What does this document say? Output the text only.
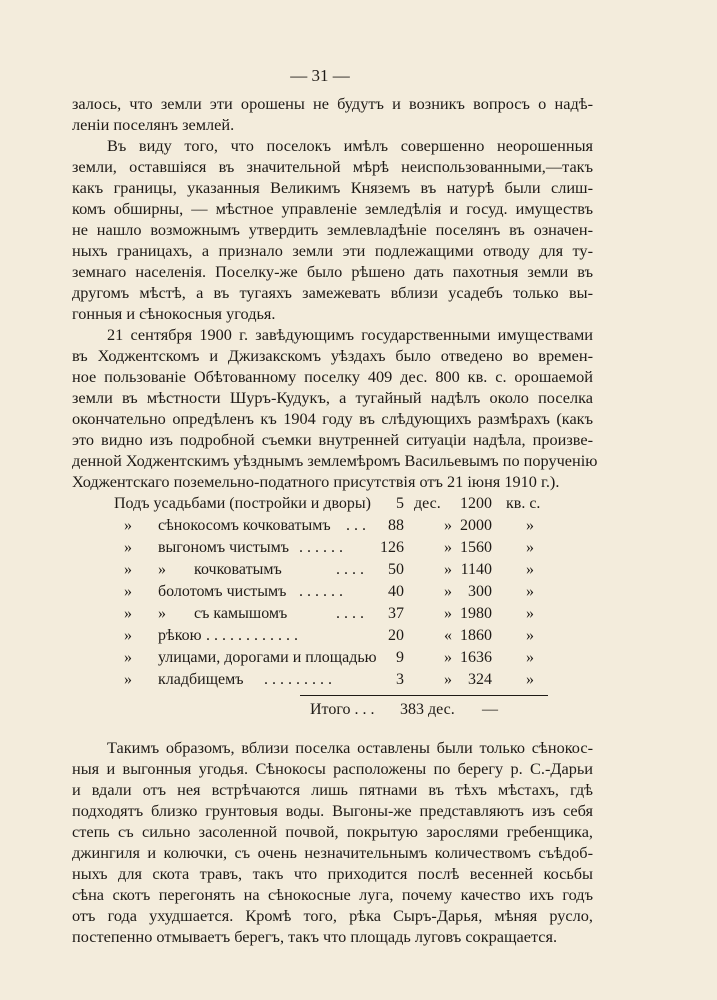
— 31 —
залось, что земли эти орошены не будутъ и возникъ вопросъ о надѣ-
леніи поселянъ землей.
Въ виду того, что поселокъ имѣлъ совершенно неорошенныя
земли, оставшіяся въ значительной мѣрѣ неиспользованными,—такъ
какъ границы, указанныя Великимъ Княземъ въ натурѣ были слиш-
комъ обширны, — мѣстное управленіе земледѣлія и госуд. имуществъ
не нашло возможнымъ утвердить землевладѣніе поселянъ въ означен-
ныхъ границахъ, а признало земли эти подлежащими отводу для ту-
земнаго населенія. Поселку-же было рѣшено дать пахотныя земли въ
другомъ мѣстѣ, а въ тугаяхъ замежевать вблизи усадебъ только вы-
гонныя и сѣнокосныя угодья.
21 сентября 1900 г. завѣдующимъ государственными имуществами
въ Ходжентскомъ и Джизакскомъ уѣздахъ было отведено во времен-
ное пользованіе Обѣтованному поселку 409 дес. 800 кв. с. орошаемой
земли въ мѣстности Шуръ-Кудукъ, а тугайный надѣлъ около поселка
окончательно опредѣленъ къ 1904 году въ слѣдующихъ размѣрахъ (какъ
это видно изъ подробной съемки внутренней ситуаціи надѣла, произве-
денной Ходжентскимъ уѣзднымъ землемѣромъ Васильевымъ по порученію
Ходжентскаго поземельно-податного присутствія отъ 21 іюня 1910 г.).
Подъ усадьбами (постройки и дворы) 5 дес. 1200 кв. с.
» сѣнокосомъ кочковатымъ . . . 88	» 2000 »
» выгономъ чистымъ . . . . . . 126	» 1560 »
» »       кочковатымъ	. . . . 50	» 1140 »
» болотомъ чистымъ . . . . . .	40	» 300 »
» »       съ камышомъ	. . . . 37	» 1980 »
» рѣкою . . . . . . . . . . . .	20	« 1860 »
» улицами, дорогами и площадью 9	» 1636 »
» кладбищемъ . . . . . . . . .	3	» 324 »
Итого . . . 383 дес. —
Такимъ образомъ, вблизи поселка оставлены были только сѣнокос-
ныя и выгонныя угодья. Сѣнокосы расположены по берегу р. С.-Дарьи
и вдали отъ нея встрѣчаются лишь пятнами въ тѣхъ мѣстахъ, гдѣ
подходятъ близко грунтовыя воды. Выгоны-же представляютъ изъ себя
степь съ сильно засоленной почвой, покрытую зарослями гребенщика,
джингиля и колючки, съ очень незначительнымъ количествомъ съѣдоб-
ныхъ для скота травъ, такъ что приходится послѣ весенней косьбы
сѣна скотъ перегонять на сѣнокосные луга, почему качество ихъ годъ
отъ года ухудшается. Кромѣ того, рѣка Сыръ-Дарья, мѣняя русло,
постепенно отмываетъ берегъ, такъ что площадь луговъ сокращается.
